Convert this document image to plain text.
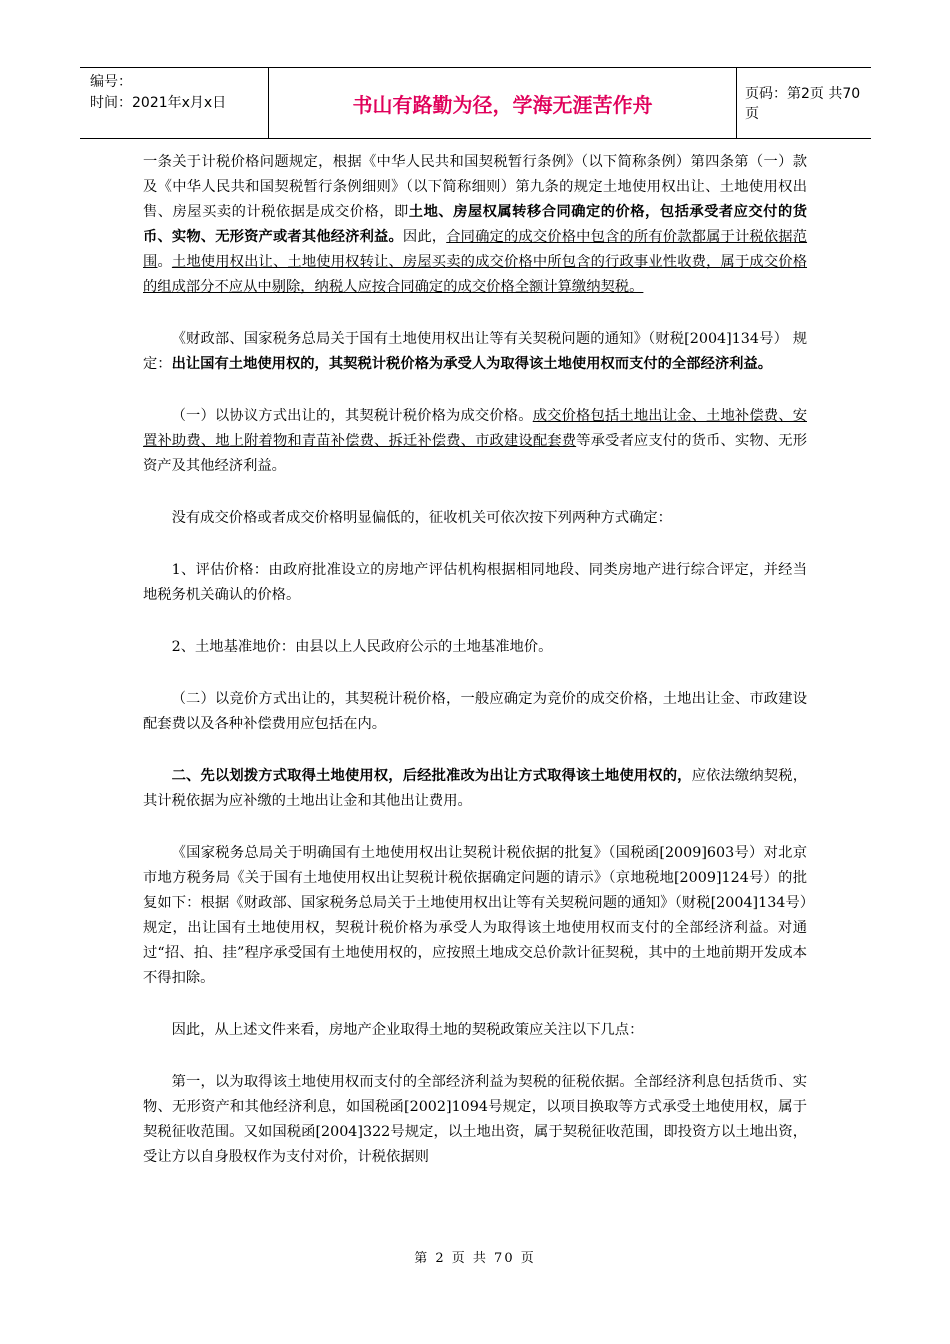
编号：
时间：2021年x月x日	书山有路勤为径，学海无涯苦作舟	页码：第2页 共70页

一条关于计税价格问题规定，根据《中华人民共和国契税暂行条例》（以下简称条例）第四条第（一）款及《中华人民共和国契税暂行条例细则》（以下简称细则）第九条的规定土地使用权出让、土地使用权出售、房屋买卖的计税依据是成交价格，即土地、房屋权属转移合同确定的价格，包括承受者应交付的货币、实物、无形资产或者其他经济利益。因此，合同确定的成交价格中包含的所有价款都属于计税依据范围。土地使用权出让、土地使用权转让、房屋买卖的成交价格中所包含的行政事业性收费，属于成交价格的组成部分不应从中剔除，纳税人应按合同确定的成交价格全额计算缴纳契税。

《财政部、国家税务总局关于国有土地使用权出让等有关契税问题的通知》（财税[2004]134号） 规定：出让国有土地使用权的，其契税计税价格为承受人为取得该土地使用权而支付的全部经济利益。

（一）以协议方式出让的，其契税计税价格为成交价格。成交价格包括土地出让金、土地补偿费、安置补助费、地上附着物和青苗补偿费、拆迁补偿费、市政建设配套费等承受者应支付的货币、实物、无形资产及其他经济利益。

没有成交价格或者成交价格明显偏低的，征收机关可依次按下列两种方式确定：

1、评估价格：由政府批准设立的房地产评估机构根据相同地段、同类房地产进行综合评定，并经当地税务机关确认的价格。

2、土地基准地价：由县以上人民政府公示的土地基准地价。

（二）以竞价方式出让的，其契税计税价格，一般应确定为竞价的成交价格，土地出让金、市政建设配套费以及各种补偿费用应包括在内。

二、先以划拨方式取得土地使用权，后经批准改为出让方式取得该土地使用权的，应依法缴纳契税，其计税依据为应补缴的土地出让金和其他出让费用。

《国家税务总局关于明确国有土地使用权出让契税计税依据的批复》（国税函[2009]603号）对北京市地方税务局《关于国有土地使用权出让契税计税依据确定问题的请示》（京地税地[2009]124号）的批复如下：根据《财政部、国家税务总局关于土地使用权出让等有关契税问题的通知》（财税[2004]134号）规定，出让国有土地使用权，契税计税价格为承受人为取得该土地使用权而支付的全部经济利益。对通过“招、拍、挂”程序承受国有土地使用权的，应按照土地成交总价款计征契税，其中的土地前期开发成本不得扣除。

因此，从上述文件来看，房地产企业取得土地的契税政策应关注以下几点：

第一，以为取得该土地使用权而支付的全部经济利益为契税的征税依据。全部经济利息包括货币、实物、无形资产和其他经济利息，如国税函[2002]1094号规定，以项目换取等方式承受土地使用权，属于契税征收范围。又如国税函[2004]322号规定，以土地出资，属于契税征收范围，即投资方以土地出资，受让方以自身股权作为支付对价，计税依据则

第 2 页 共 70 页
